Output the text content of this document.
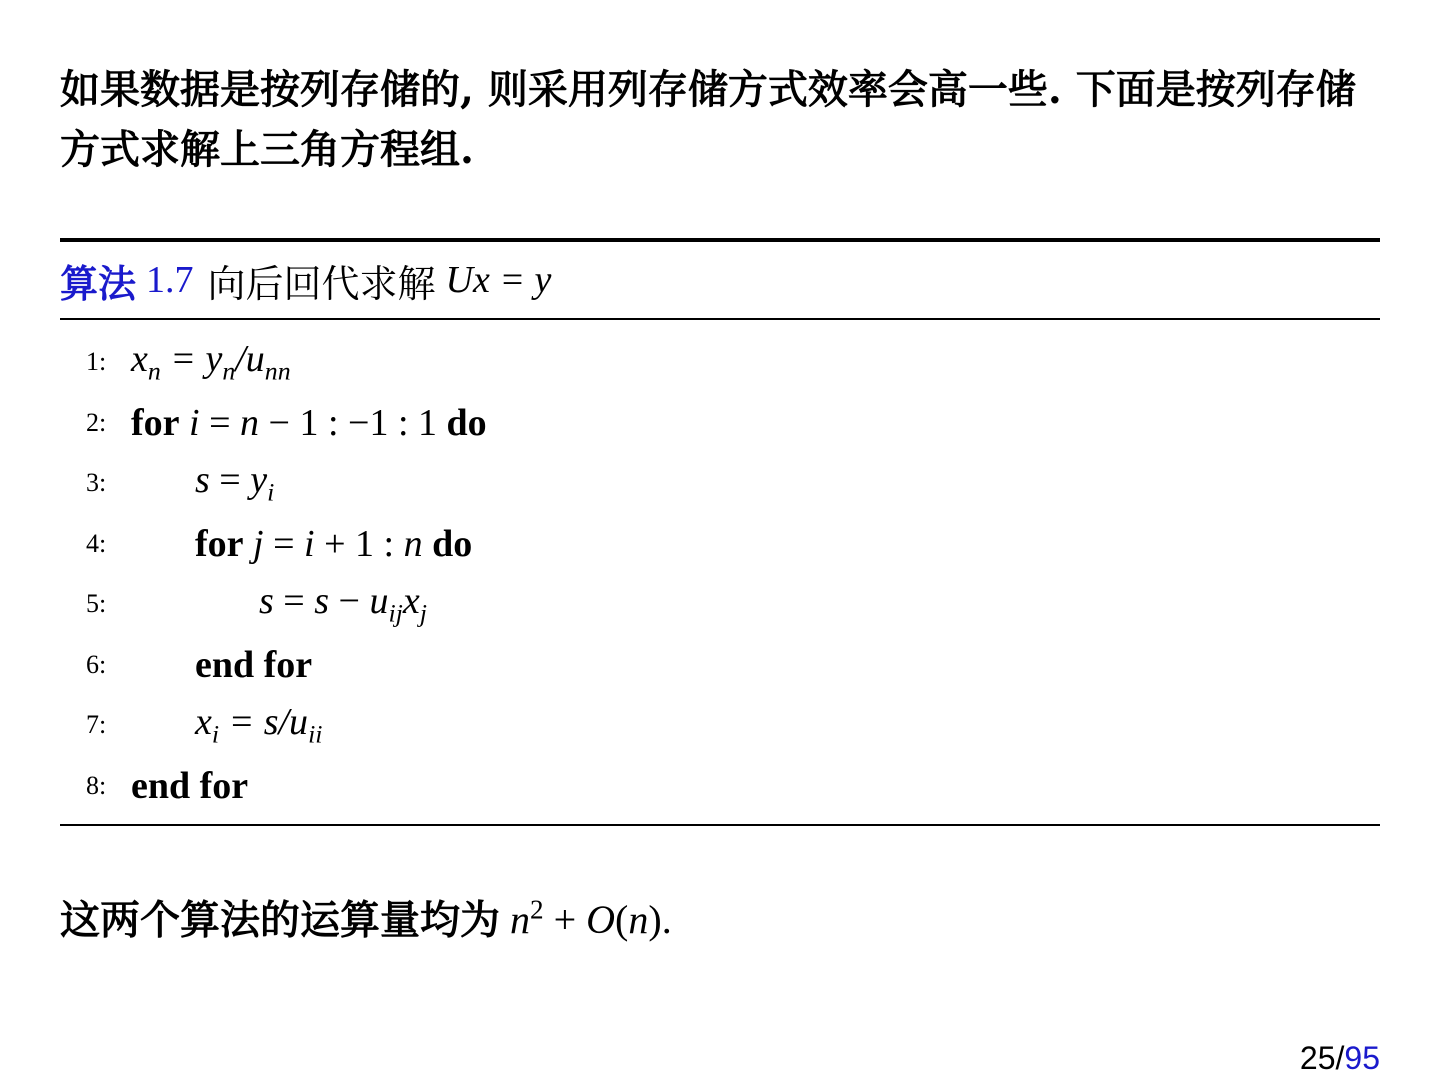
如果数据是按列存储的, 则采用列存储方式效率会高一些. 下面是按列存储方式求解上三角方程组.
算法 1.7 向后回代求解 Ux = y
1: $x_n = y_n/u_{nn}$
2: for i = n − 1 : −1 : 1 do
3:	$s = y_i$
4:	for j = i + 1 : n do
5:	$s = s - u_{ij}x_j$
6:	end for
7:	$x_i = s/u_{ii}$
8: end for
这两个算法的运算量均为 $n^2 + O(n)$.
25/95
